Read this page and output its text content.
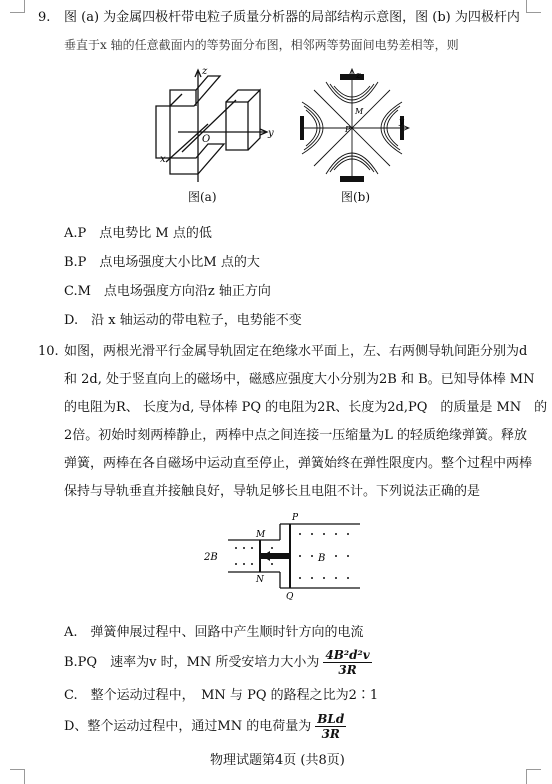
9. 图 (a) 为金属四极杆带电粒子质量分析器的局部结构示意图，图 (b) 为四极杆内
垂直于x 轴的任意截面内的等势面分布图，相邻两等势面间电势差相等，则
z
y
x
O
图(a)
z
y
P
M
图(b)
A.P　点电势比 M 点的低
B.P　点电场强度大小比M 点的大
C.M　点电场强度方向沿z 轴正方向
D.　沿 x 轴运动的带电粒子，电势能不变
10. 如图，两根光滑平行金属导轨固定在绝缘水平面上，左、右两侧导轨间距分别为d
和 2d, 处于竖直向上的磁场中，磁感应强度大小分别为2B 和 B。已知导体棒 MN
的电阻为R、 长度为d, 导体棒 PQ 的电阻为2R、长度为2d,PQ　的质量是 MN　的
2倍。初始时刻两棒静止，两棒中点之间连接一压缩量为L 的轻质绝缘弹簧。释放
弹簧，两棒在各自磁场中运动直至停止，弹簧始终在弹性限度内。整个过程中两棒
保持与导轨垂直并接触良好，导轨足够长且电阻不计。下列说法正确的是
2B	B
M
N
P
Q
A.　弹簧伸展过程中、回路中产生顺时针方向的电流
B.PQ　速率为v 时，MN 所受安培力大小为 $\frac{\text{4B²d²v}}{3R}$
C.　整个运动过程中，　MN 与 PQ 的路程之比为2∶1
D、整个运动过程中，通过MN 的电荷量为 $\frac{\text{BLd}}{3R}$
物理试题第4页 (共8页)
